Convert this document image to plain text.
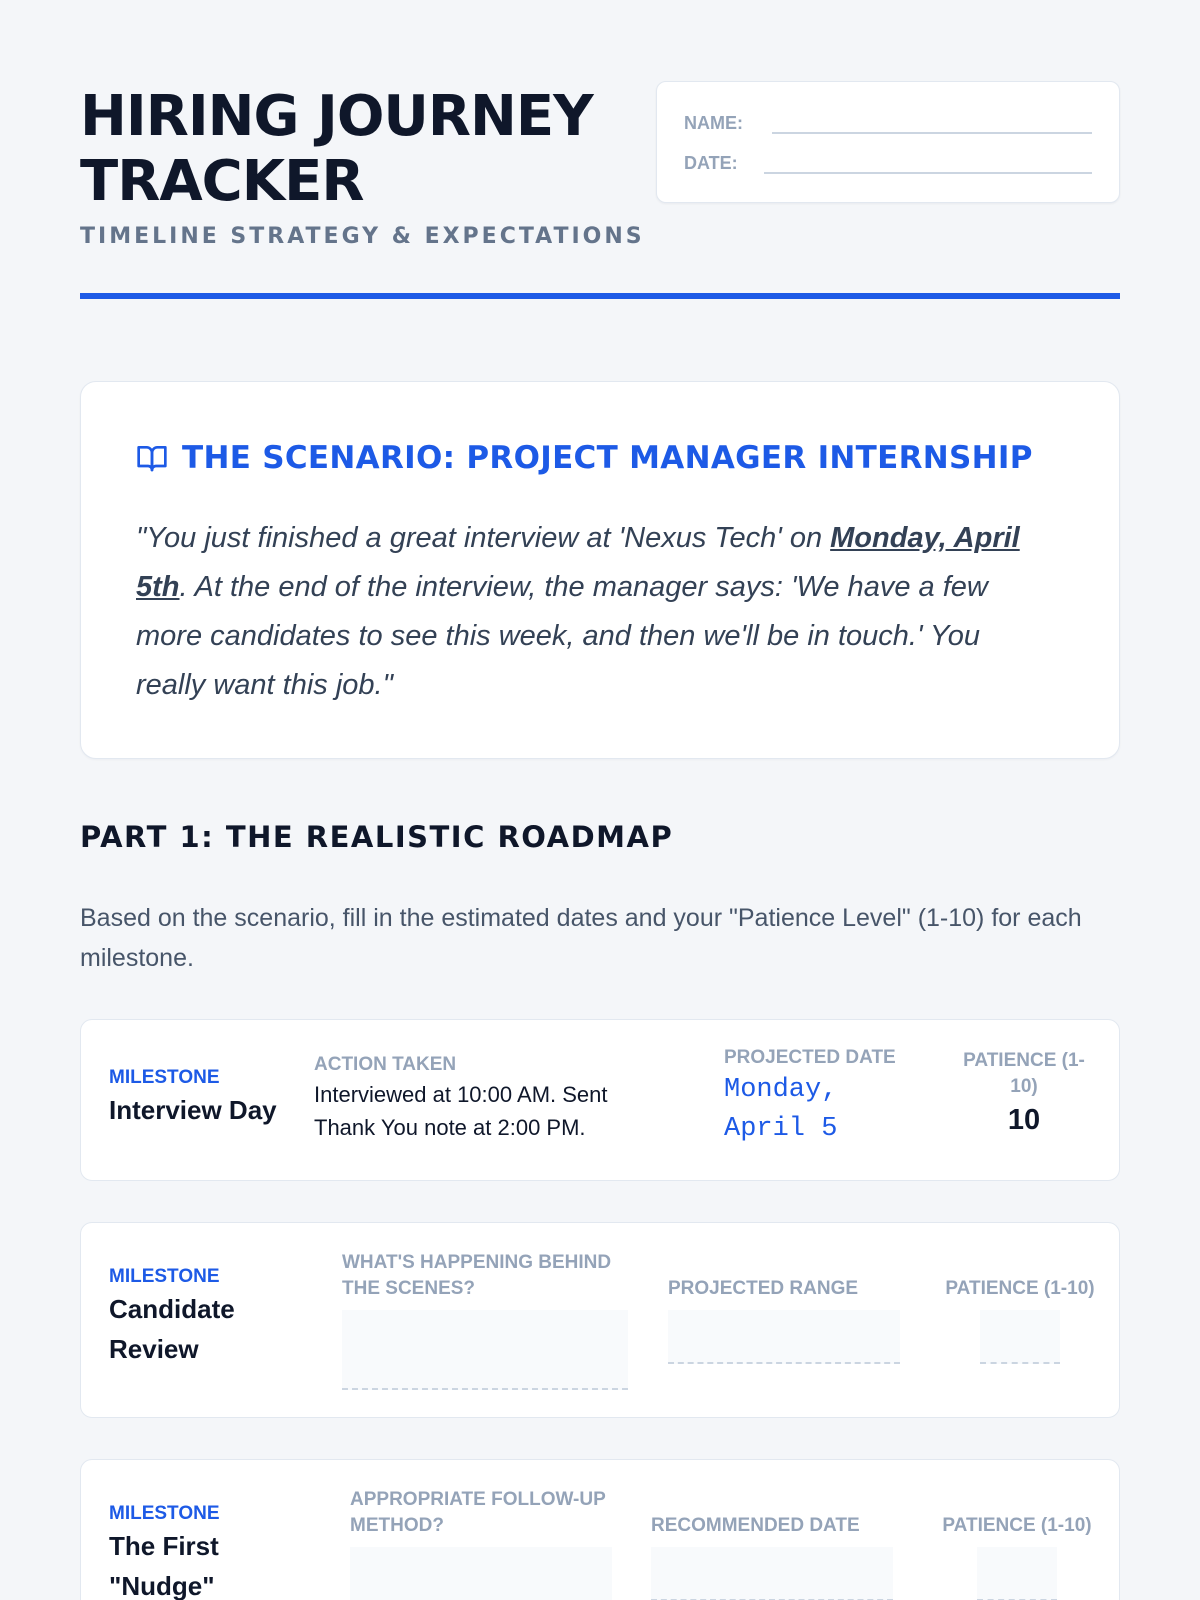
HIRING JOURNEY TRACKER
TIMELINE STRATEGY & EXPECTATIONS
NAME:
DATE:
THE SCENARIO: PROJECT MANAGER INTERNSHIP

"You just finished a great interview at 'Nexus Tech' on Monday, April 5th. At the end of the interview, the manager says: 'We have a few more candidates to see this week, and then we'll be in touch.' You really want this job."

PART 1: THE REALISTIC ROADMAP

Based on the scenario, fill in the estimated dates and your "Patience Level" (1-10) for each milestone.

MILESTONE
Interview Day
ACTION TAKEN
Interviewed at 10:00 AM. Sent Thank You note at 2:00 PM.
PROJECTED DATE
Monday, April 5
PATIENCE (1-10)
10
MILESTONE
Candidate Review
WHAT'S HAPPENING BEHIND THE SCENES?	PROJECTED RANGE	PATIENCE (1-10)
MILESTONE
The First "Nudge"
APPROPRIATE FOLLOW-UP METHOD?	RECOMMENDED DATE	PATIENCE (1-10)
